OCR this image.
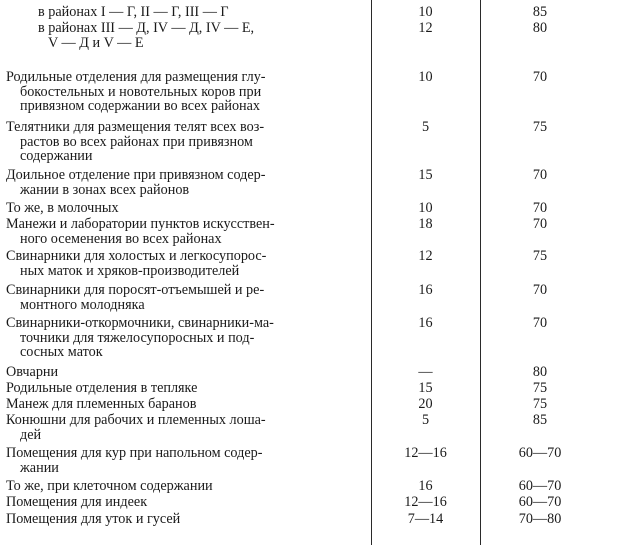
в районах I — Г, II — Г, III — Г	10	85
в районах III — Д, IV — Д, IV — Е,
V — Д и V — Е
12	80
Родильные отделения для размещения глу-
бокостельных и новотельных коров при
привязном содержании во всех районах
10	70
Телятники для размещения телят всех воз-
растов во всех районах при привязном
содержании
5	75
Доильное отделение при привязном содер-
жании в зонах всех районов
15	70
То же, в молочных	10	70
Манежи и лаборатории пунктов искусствен-
ного осеменения во всех районах
18	70
Свинарники для холостых и легкосупорос-
ных маток и хряков-производителей
12	75
Свинарники для поросят-отъемышей и ре-
монтного молодняка
16	70
Свинарники-откормочники, свинарники-ма-
точники для тяжелосупоросных и под-
сосных маток
16	70
Овчарни	—	80
Родильные отделения в тепляке	15	75
Манеж для племенных баранов	20	75
Конюшни для рабочих и племенных лоша-
дей
5	85
Помещения для кур при напольном содер-
жании
12—16	60—70
То же, при клеточном содержании	16	60—70
Помещения для индеек	12—16	60—70
Помещения для уток и гусей	7—14	70—80
